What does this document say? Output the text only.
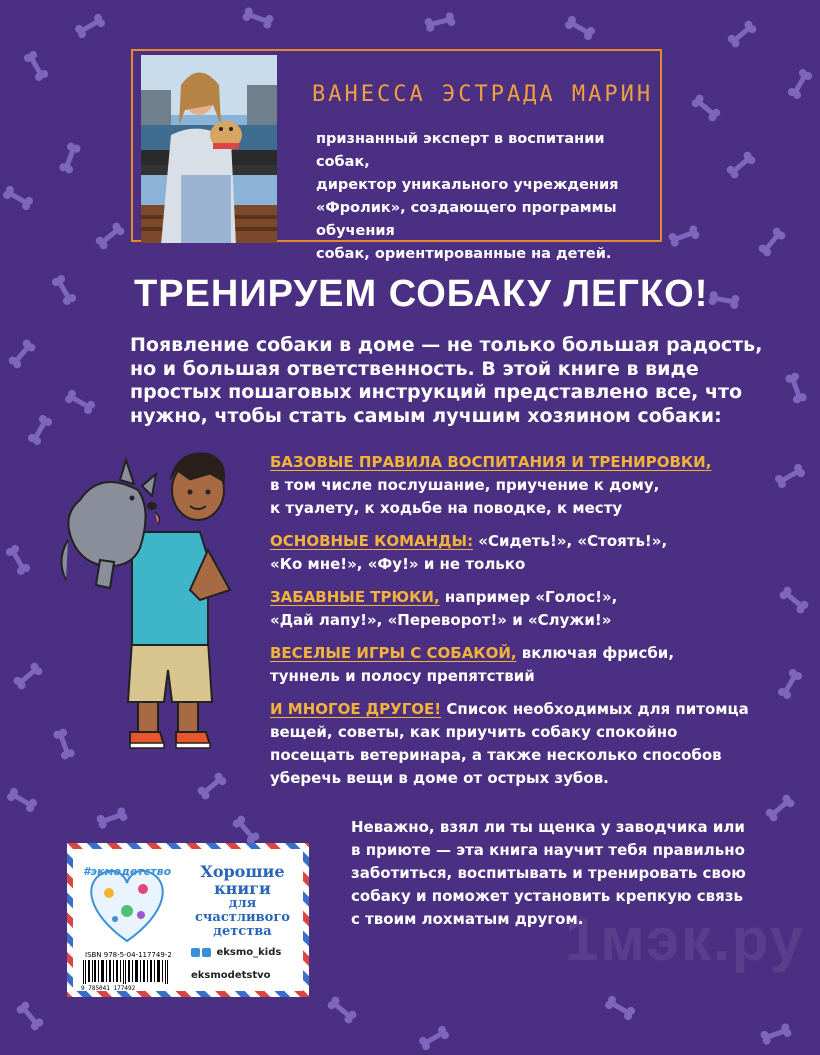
ВАНЕССА ЭСТРАДА МАРИН
признанный эксперт в воспитании собак,
директор уникального учреждения
«Фролик», создающего программы обучения
собак, ориентированные на детей.
ТРЕНИРУЕМ СОБАКУ ЛЕГКО!
Появление собаки в доме — не только большая радость,
но и большая ответственность. В этой книге в виде
простых пошаговых инструкций представлено все, что
нужно, чтобы стать самым лучшим хозяином собаки:
БАЗОВЫЕ ПРАВИЛА ВОСПИТАНИЯ И ТРЕНИРОВКИ,
в том числе послушание, приучение к дому,
к туалету, к ходьбе на поводке, к месту
ОСНОВНЫЕ КОМАНДЫ: «Сидеть!», «Стоять!»,
«Ко мне!», «Фу!» и не только
ЗАБАВНЫЕ ТРЮКИ, например «Голос!»,
«Дай лапу!», «Переворот!» и «Служи!»
ВЕСЕЛЫЕ ИГРЫ С СОБАКОЙ, включая фрисби,
туннель и полосу препятствий
И МНОГОЕ ДРУГОЕ! Список необходимых для питомца
вещей, советы, как приучить собаку спокойно
посещать ветеринара, а также несколько способов
уберечь вещи в доме от острых зубов.
Неважно, взял ли ты щенка у заводчика или
в приюте — эта книга научит тебя правильно
заботиться, воспитывать и тренировать свою
собаку и поможет установить крепкую связь
с твоим лохматым другом.
1мэк.ру
#экмодетство	Хорошие
книги
для счастливого
детства
ISBN 978-5-04-117749-2
9 785041 177492
eksmo_kids
eksmodetstvo
